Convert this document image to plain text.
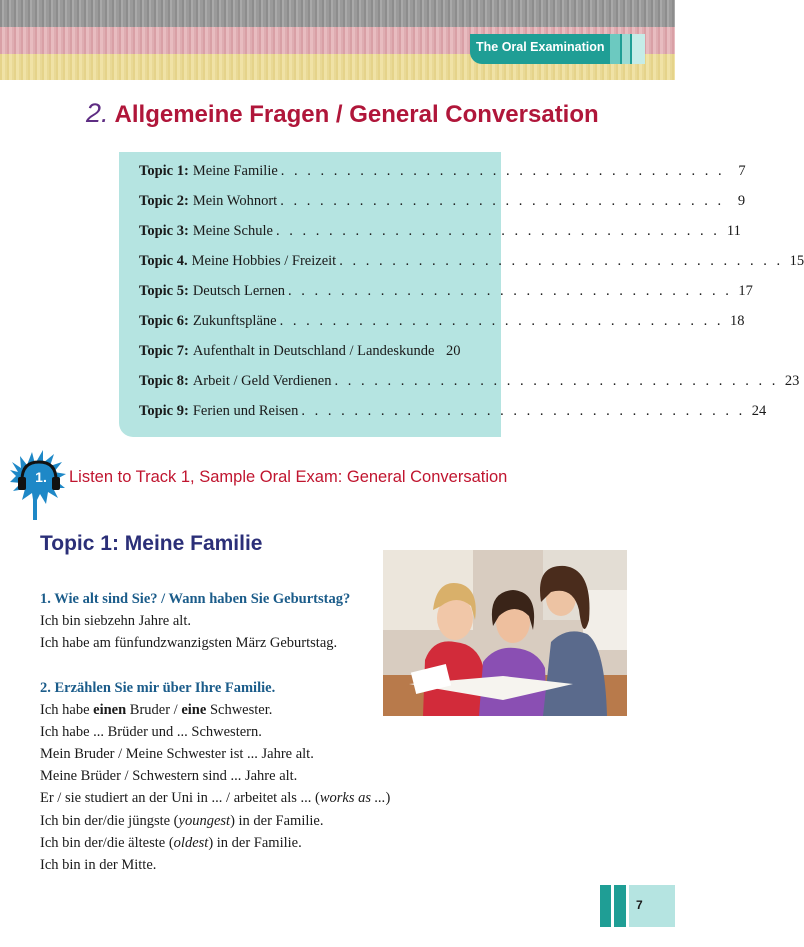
The Oral Examination
2. Allgemeine Fragen / General Conversation
Topic 1: Meine Familie . . . . . . . . . . . . . . . . . . . . . . . . . . . . . . . . . . 7
Topic 2: Mein Wohnort . . . . . . . . . . . . . . . . . . . . . . . . . . . . . . . . . . 9
Topic 3: Meine Schule . . . . . . . . . . . . . . . . . . . . . . . . . . . . . . . . . . 11
Topic 4. Meine Hobbies / Freizeit . . . . . . . . . . . . . . . . . . . . . . . . . . . . . . . . . . 15
Topic 5: Deutsch Lernen . . . . . . . . . . . . . . . . . . . . . . . . . . . . . . . . . . 17
Topic 6: Zukunftspläne . . . . . . . . . . . . . . . . . . . . . . . . . . . . . . . . . . 18
Topic 7: Aufenthalt in Deutschland / Landeskunde 20
Topic 8: Arbeit / Geld Verdienen . . . . . . . . . . . . . . . . . . . . . . . . . . . . . . . . . . 23
Topic 9: Ferien und Reisen . . . . . . . . . . . . . . . . . . . . . . . . . . . . . . . . . . 24
1. Listen to Track 1, Sample Oral Exam: General Conversation
Topic 1: Meine Familie
1. Wie alt sind Sie? / Wann haben Sie Geburtstag?
Ich bin siebzehn Jahre alt.
Ich habe am fünfundzwanzigsten März Geburtstag.
2. Erzählen Sie mir über Ihre Familie.
Ich habe einen Bruder / eine Schwester.
Ich habe ... Brüder und ... Schwestern.
Mein Bruder / Meine Schwester ist ... Jahre alt.
Meine Brüder / Schwestern sind ... Jahre alt.
Er / sie studiert an der Uni in ... / arbeitet als ... (works as ...)
Ich bin der/die jüngste (youngest) in der Familie.
Ich bin der/die älteste (oldest) in der Familie.
Ich bin in der Mitte.
7
